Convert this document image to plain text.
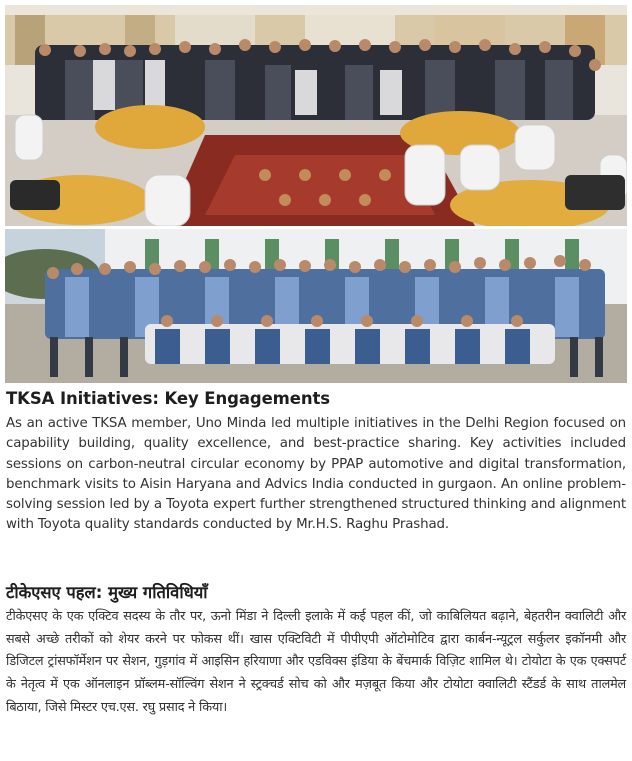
TKSA Initiatives: Key Engagements
As an active TKSA member, Uno Minda led multiple initiatives in the Delhi Region focused on capability building, quality excellence, and best-practice sharing. Key activities included sessions on carbon-neutral circular economy by PPAP automotive and digital transformation, benchmark visits to Aisin Haryana and Advics India conducted in gurgaon. An online problem-solving session led by a Toyota expert further strengthened structured thinking and alignment with Toyota quality standards conducted by Mr.H.S. Raghu Prashad.
टीकेएसए पहल: मुख्य गतिविधियाँ
टीकेएसए के एक एक्टिव सदस्य के तौर पर, ऊनो मिंडा ने दिल्ली इलाके में कई पहल कीं, जो काबिलियत बढ़ाने, बेहतरीन क्वालिटी और सबसे अच्छे तरीकों को शेयर करने पर फोकस थीं। खास एक्टिविटी में पीपीएपी ऑटोमोटिव द्वारा कार्बन-न्यूट्रल सर्कुलर इकॉनमी और डिजिटल ट्रांसफॉर्मेशन पर सेशन, गुड़गांव में आइसिन हरियाणा और एडविक्स इंडिया के बेंचमार्क विज़िट शामिल थे। टोयोटा के एक एक्सपर्ट के नेतृत्व में एक ऑनलाइन प्रॉब्लम-सॉल्विंग सेशन ने स्ट्रक्चर्ड सोच को और मज़बूत किया और टोयोटा क्वालिटी स्टैंडर्ड के साथ तालमेल बिठाया, जिसे मिस्टर एच.एस. रघु प्रसाद ने किया।
